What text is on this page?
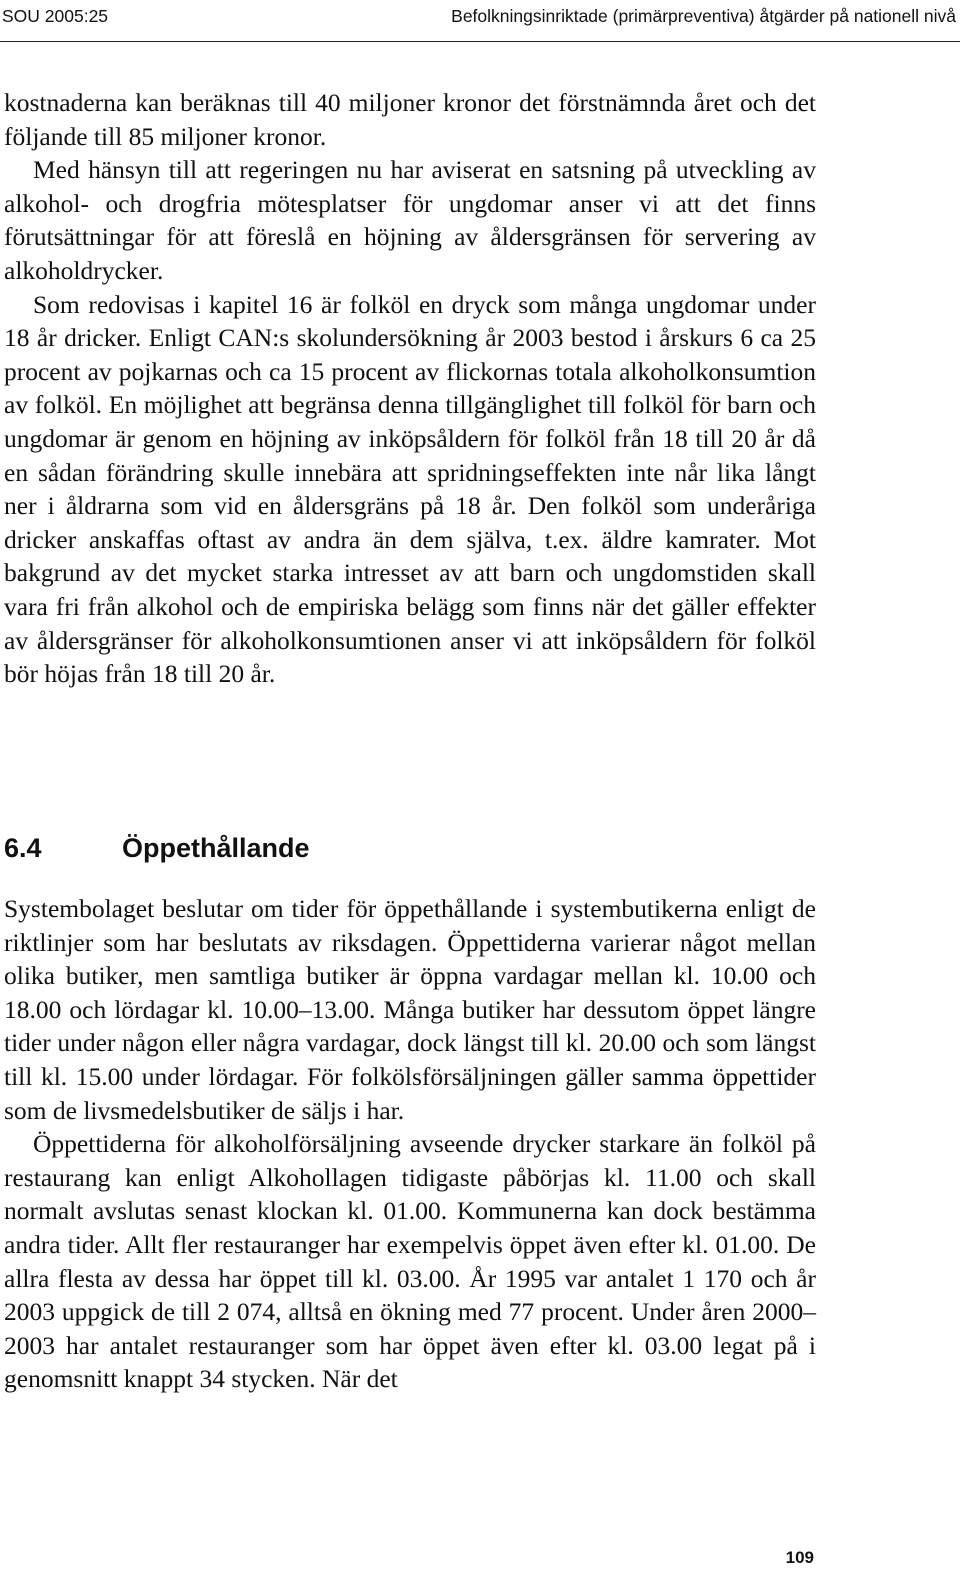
SOU 2005:25	Befolkningsinriktade (primärpreventiva) åtgärder på nationell nivå

kostnaderna kan beräknas till 40 miljoner kronor det förstnämnda året och det följande till 85 miljoner kronor.

Med hänsyn till att regeringen nu har aviserat en satsning på utveckling av alkohol- och drogfria mötesplatser för ungdomar anser vi att det finns förutsättningar för att föreslå en höjning av åldersgränsen för servering av alkoholdrycker.

Som redovisas i kapitel 16 är folköl en dryck som många ungdomar under 18 år dricker. Enligt CAN:s skolundersökning år 2003 bestod i årskurs 6 ca 25 procent av pojkarnas och ca 15 procent av flickornas totala alkoholkonsumtion av folköl. En möjlighet att begränsa denna tillgänglighet till folköl för barn och ungdomar är genom en höjning av inköpsåldern för folköl från 18 till 20 år då en sådan förändring skulle innebära att spridningseffekten inte når lika långt ner i åldrarna som vid en åldersgräns på 18 år. Den folköl som underåriga dricker anskaffas oftast av andra än dem själva, t.ex. äldre kamrater. Mot bakgrund av det mycket starka intresset av att barn och ungdomstiden skall vara fri från alkohol och de empiriska belägg som finns när det gäller effekter av åldersgränser för alkoholkonsumtionen anser vi att inköpsåldern för folköl bör höjas från 18 till 20 år.

6.4	Öppethållande

Systembolaget beslutar om tider för öppethållande i systembutikerna enligt de riktlinjer som har beslutats av riksdagen. Öppettiderna varierar något mellan olika butiker, men samtliga butiker är öppna vardagar mellan kl. 10.00 och 18.00 och lördagar kl. 10.00–13.00. Många butiker har dessutom öppet längre tider under någon eller några vardagar, dock längst till kl. 20.00 och som längst till kl. 15.00 under lördagar. För folkölsförsäljningen gäller samma öppettider som de livsmedelsbutiker de säljs i har.

Öppettiderna för alkoholförsäljning avseende drycker starkare än folköl på restaurang kan enligt Alkohollagen tidigaste påbörjas kl. 11.00 och skall normalt avslutas senast klockan kl. 01.00. Kommunerna kan dock bestämma andra tider. Allt fler restauranger har exempelvis öppet även efter kl. 01.00. De allra flesta av dessa har öppet till kl. 03.00. År 1995 var antalet 1 170 och år 2003 uppgick de till 2 074, alltså en ökning med 77 procent. Under åren 2000–2003 har antalet restauranger som har öppet även efter kl. 03.00 legat på i genomsnitt knappt 34 stycken. När det

109
